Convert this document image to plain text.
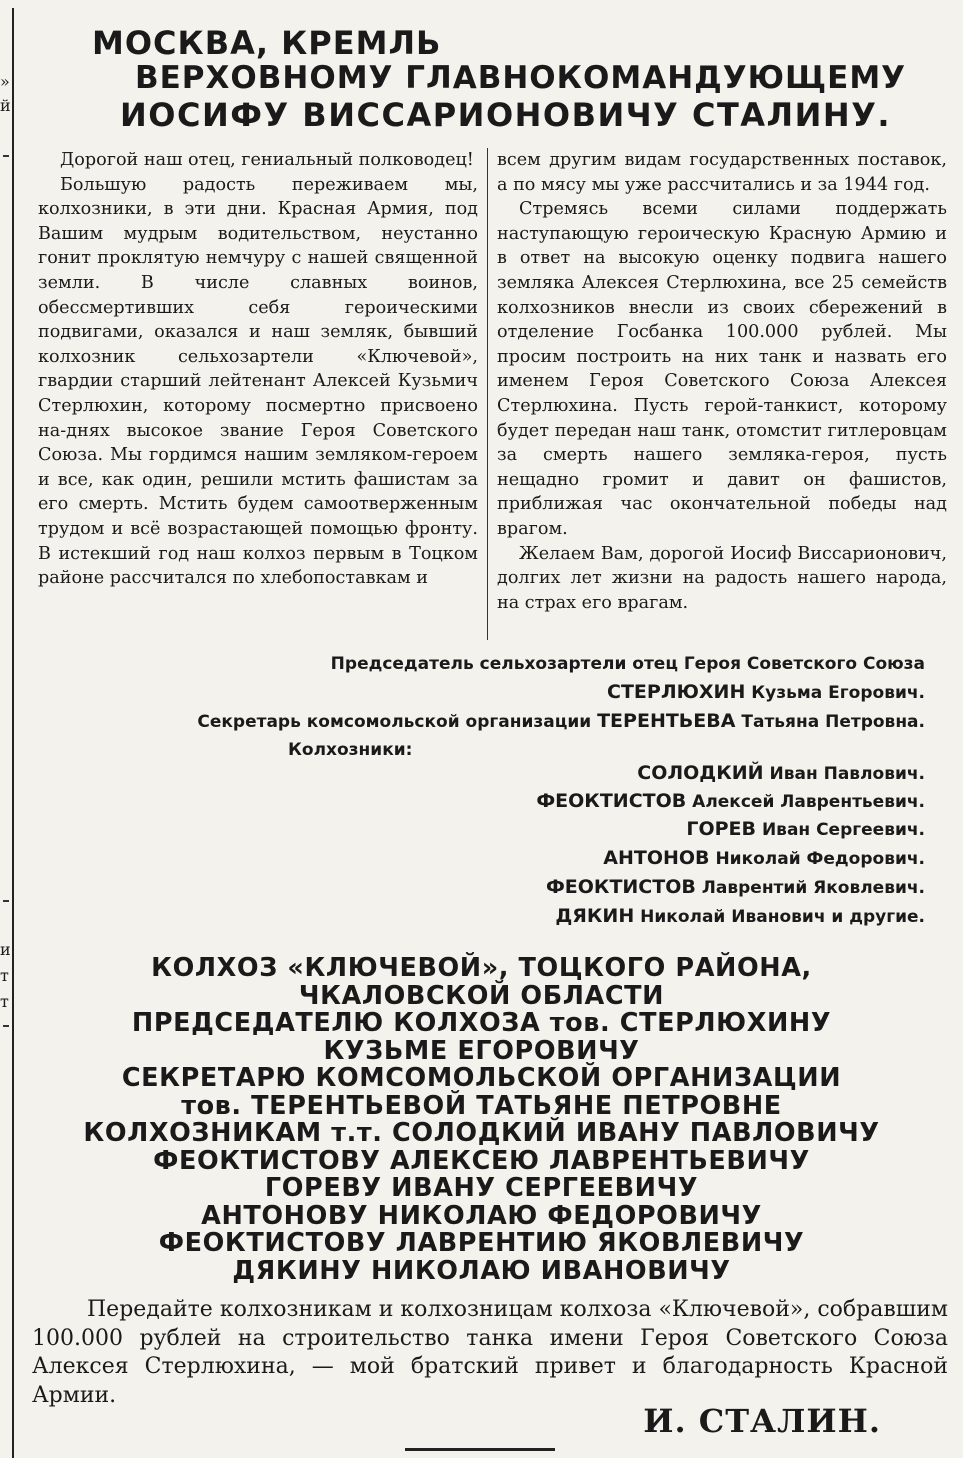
»
й
и
т
т
МОСКВА, КРЕМЛЬ
ВЕРХОВНОМУ ГЛАВНОКОМАНДУЮЩЕМУ
ИОСИФУ ВИССАРИОНОВИЧУ СТАЛИНУ.

Дорогой наш отец, гениальный полководец!

Большую радость переживаем мы, колхозники, в эти дни. Красная Армия, под Вашим мудрым водительством, неустанно гонит проклятую немчуру с нашей священной земли. В числе славных воинов, обессмертивших себя героическими подвигами, оказался и наш земляк, бывший колхозник сельхозартели «Ключевой», гвардии старший лейтенант Алексей Кузьмич Стерлюхин, которому посмертно присвоено на-днях высокое звание Героя Советского Союза. Мы гордимся нашим земляком-героем и все, как один, решили мстить фашистам за его смерть. Мстить будем самоотверженным трудом и всё возрастающей помощью фронту. В истекший год наш колхоз первым в Тоцком районе рассчитался по хлебопоставкам и

всем другим видам государственных поставок, а по мясу мы уже рассчитались и за 1944 год.

Стремясь всеми силами поддержать наступающую героическую Красную Армию и в ответ на высокую оценку подвига нашего земляка Алексея Стерлюхина, все 25 семейств колхозников внесли из своих сбережений в отделение Госбанка 100.000 рублей. Мы просим построить на них танк и назвать его именем Героя Советского Союза Алексея Стерлюхина. Пусть герой-танкист, которому будет передан наш танк, отомстит гитлеровцам за смерть нашего земляка-героя, пусть нещадно громит и давит он фашистов, приближая час окончательной победы над врагом.

Желаем Вам, дорогой Иосиф Виссарионович, долгих лет жизни на радость нашего народа, на страх его врагам.

Председатель сельхозартели отец Героя Советского Союза
СТЕРЛЮХИН Кузьма Егорович.
Секретарь комсомольской организации ТЕРЕНТЬЕВА Татьяна Петровна.
Колхозники:
СОЛОДКИЙ Иван Павлович.
ФЕОКТИСТОВ Алексей Лаврентьевич.
ГОРЕВ Иван Сергеевич.
АНТОНОВ Николай Федорович.
ФЕОКТИСТОВ Лаврентий Яковлевич.
ДЯКИН Николай Иванович и другие.
КОЛХОЗ «КЛЮЧЕВОЙ», ТОЦКОГО РАЙОНА,
ЧКАЛОВСКОЙ ОБЛАСТИ
ПРЕДСЕДАТЕЛЮ КОЛХОЗА тов. СТЕРЛЮХИНУ
КУЗЬМЕ ЕГОРОВИЧУ
СЕКРЕТАРЮ КОМСОМОЛЬСКОЙ ОРГАНИЗАЦИИ
тов. ТЕРЕНТЬЕВОЙ ТАТЬЯНЕ ПЕТРОВНЕ
КОЛХОЗНИКАМ т.т. СОЛОДКИЙ ИВАНУ ПАВЛОВИЧУ
ФЕОКТИСТОВУ АЛЕКСЕЮ ЛАВРЕНТЬЕВИЧУ
ГОРЕВУ ИВАНУ СЕРГЕЕВИЧУ
АНТОНОВУ НИКОЛАЮ ФЕДОРОВИЧУ
ФЕОКТИСТОВУ ЛАВРЕНТИЮ ЯКОВЛЕВИЧУ
ДЯКИНУ НИКОЛАЮ ИВАНОВИЧУ

Передайте колхозникам и колхозницам колхоза «Ключевой», собравшим 100.000 рублей на строительство танка имени Героя Советского Союза Алексея Стерлюхина, — мой братский привет и благодарность Красной Армии.

И. СТАЛИН.
